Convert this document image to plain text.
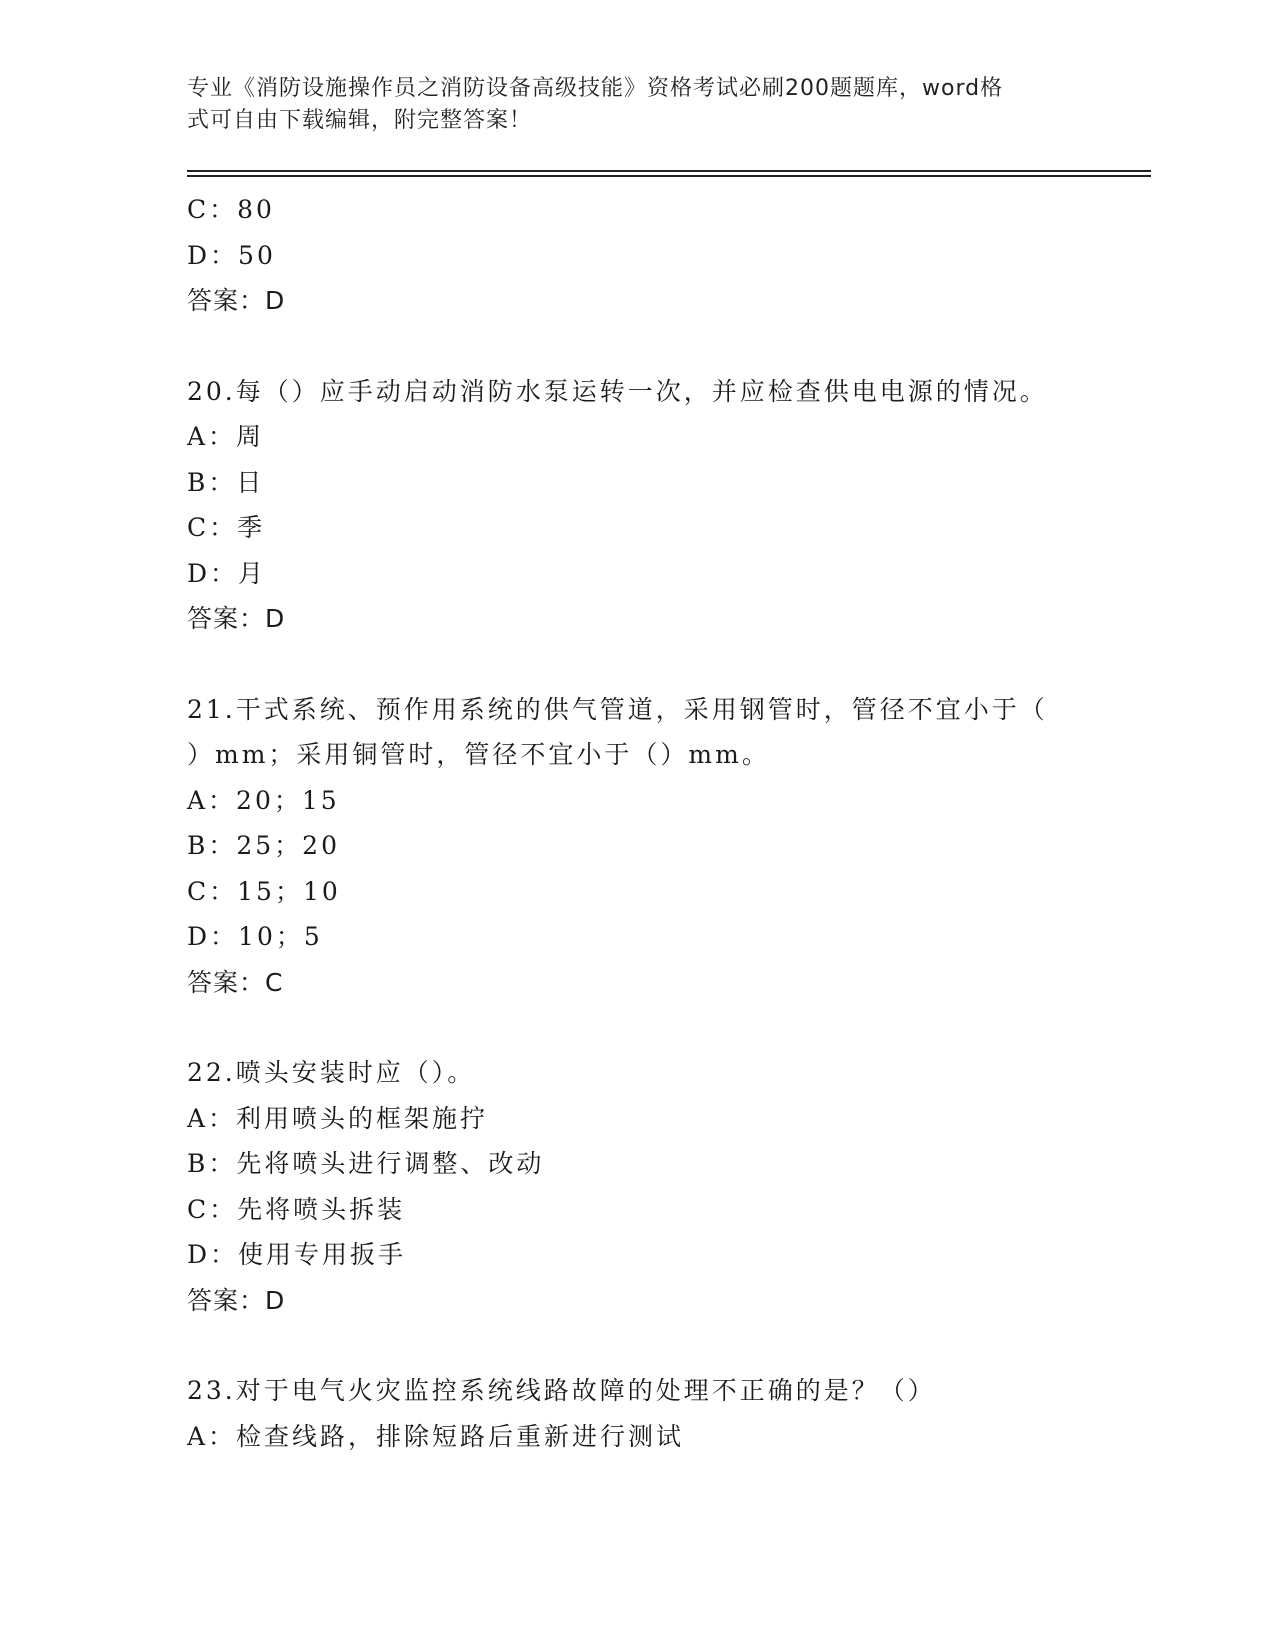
专业《消防设施操作员之消防设备高级技能》资格考试必刷200题题库，word格
式可自由下载编辑，附完整答案！
C：80
D：50
答案：D
20.每（）应手动启动消防水泵运转一次，并应检查供电电源的情况。
A：周
B：日
C：季
D：月
答案：D
21.干式系统、预作用系统的供气管道，采用钢管时，管径不宜小于（
）mm；采用铜管时，管径不宜小于（）mm。
A：20；15
B：25；20
C：15；10
D：10；5
答案：C
22.喷头安装时应（）。
A：利用喷头的框架施拧
B：先将喷头进行调整、改动
C：先将喷头拆装
D：使用专用扳手
答案：D
23.对于电气火灾监控系统线路故障的处理不正确的是？（）
A：检查线路，排除短路后重新进行测试
